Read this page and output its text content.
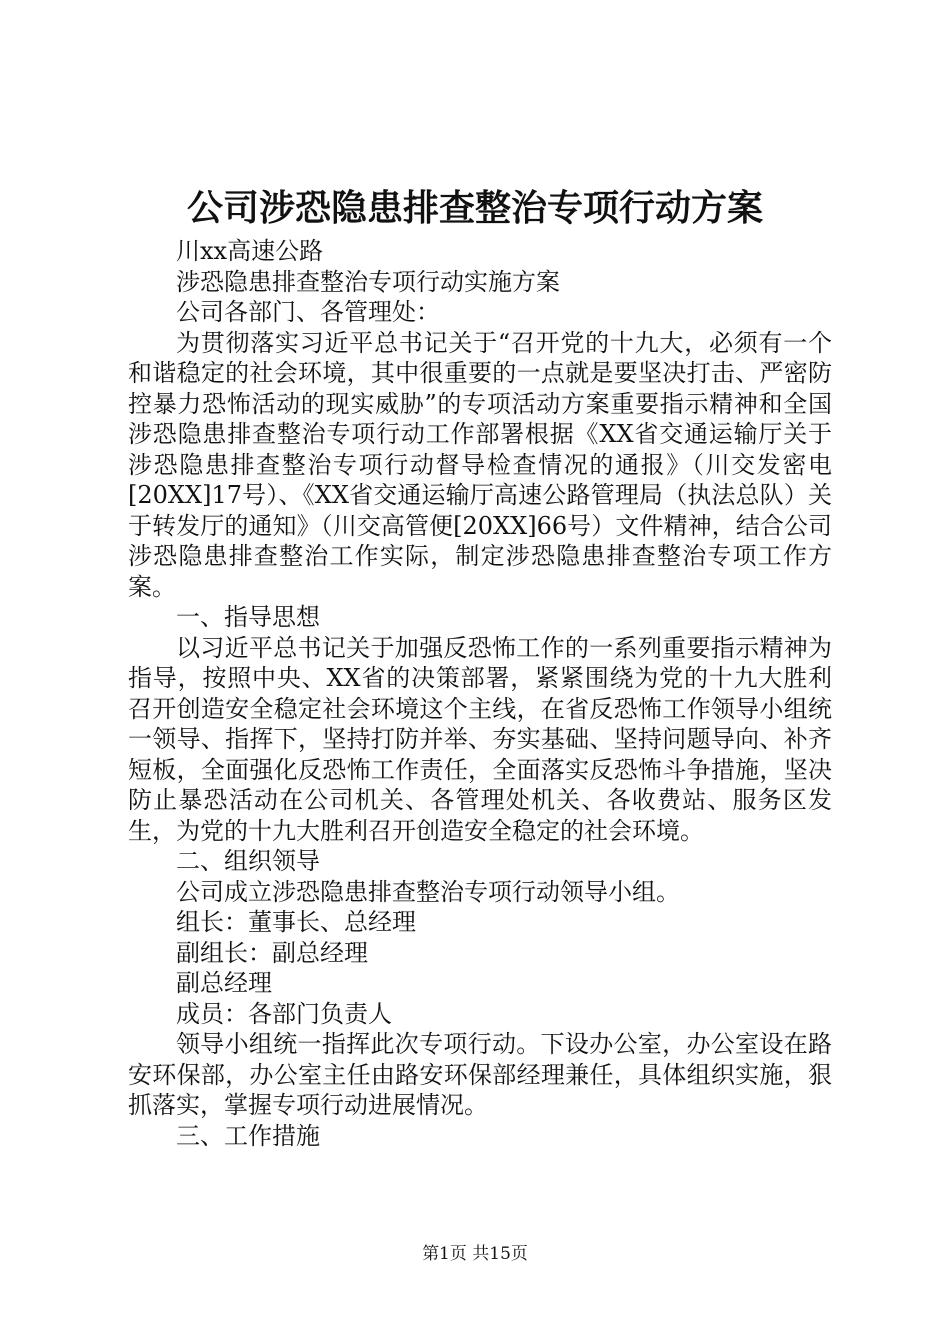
公司涉恐隐患排查整治专项行动方案

川xx高速公路

涉恐隐患排查整治专项行动实施方案

公司各部门、各管理处：

为贯彻落实习近平总书记关于“召开党的十九大，必须有一个和谐稳定的社会环境，其中很重要的一点就是要坚决打击、严密防控暴力恐怖活动的现实威胁”的专项活动方案重要指示精神和全国涉恐隐患排查整治专项行动工作部署根据《XX省交通运输厅关于涉恐隐患排查整治专项行动督导检查情况的通报》（川交发密电[20XX]17号）、《XX省交通运输厅高速公路管理局（执法总队）关于转发厅的通知》（川交高管便[20XX]66号）文件精神，结合公司涉恐隐患排查整治工作实际，制定涉恐隐患排查整治专项工作方案。

一、指导思想

以习近平总书记关于加强反恐怖工作的一系列重要指示精神为指导，按照中央、XX省的决策部署，紧紧围绕为党的十九大胜利召开创造安全稳定社会环境这个主线，在省反恐怖工作领导小组统一领导、指挥下，坚持打防并举、夯实基础、坚持问题导向、补齐短板，全面强化反恐怖工作责任，全面落实反恐怖斗争措施，坚决防止暴恐活动在公司机关、各管理处机关、各收费站、服务区发生，为党的十九大胜利召开创造安全稳定的社会环境。

二、组织领导

公司成立涉恐隐患排查整治专项行动领导小组。

组长：董事长、总经理

副组长：副总经理

副总经理

成员：各部门负责人

领导小组统一指挥此次专项行动。下设办公室，办公室设在路安环保部，办公室主任由路安环保部经理兼任，具体组织实施，狠抓落实，掌握专项行动进展情况。

三、工作措施

第1页 共15页
